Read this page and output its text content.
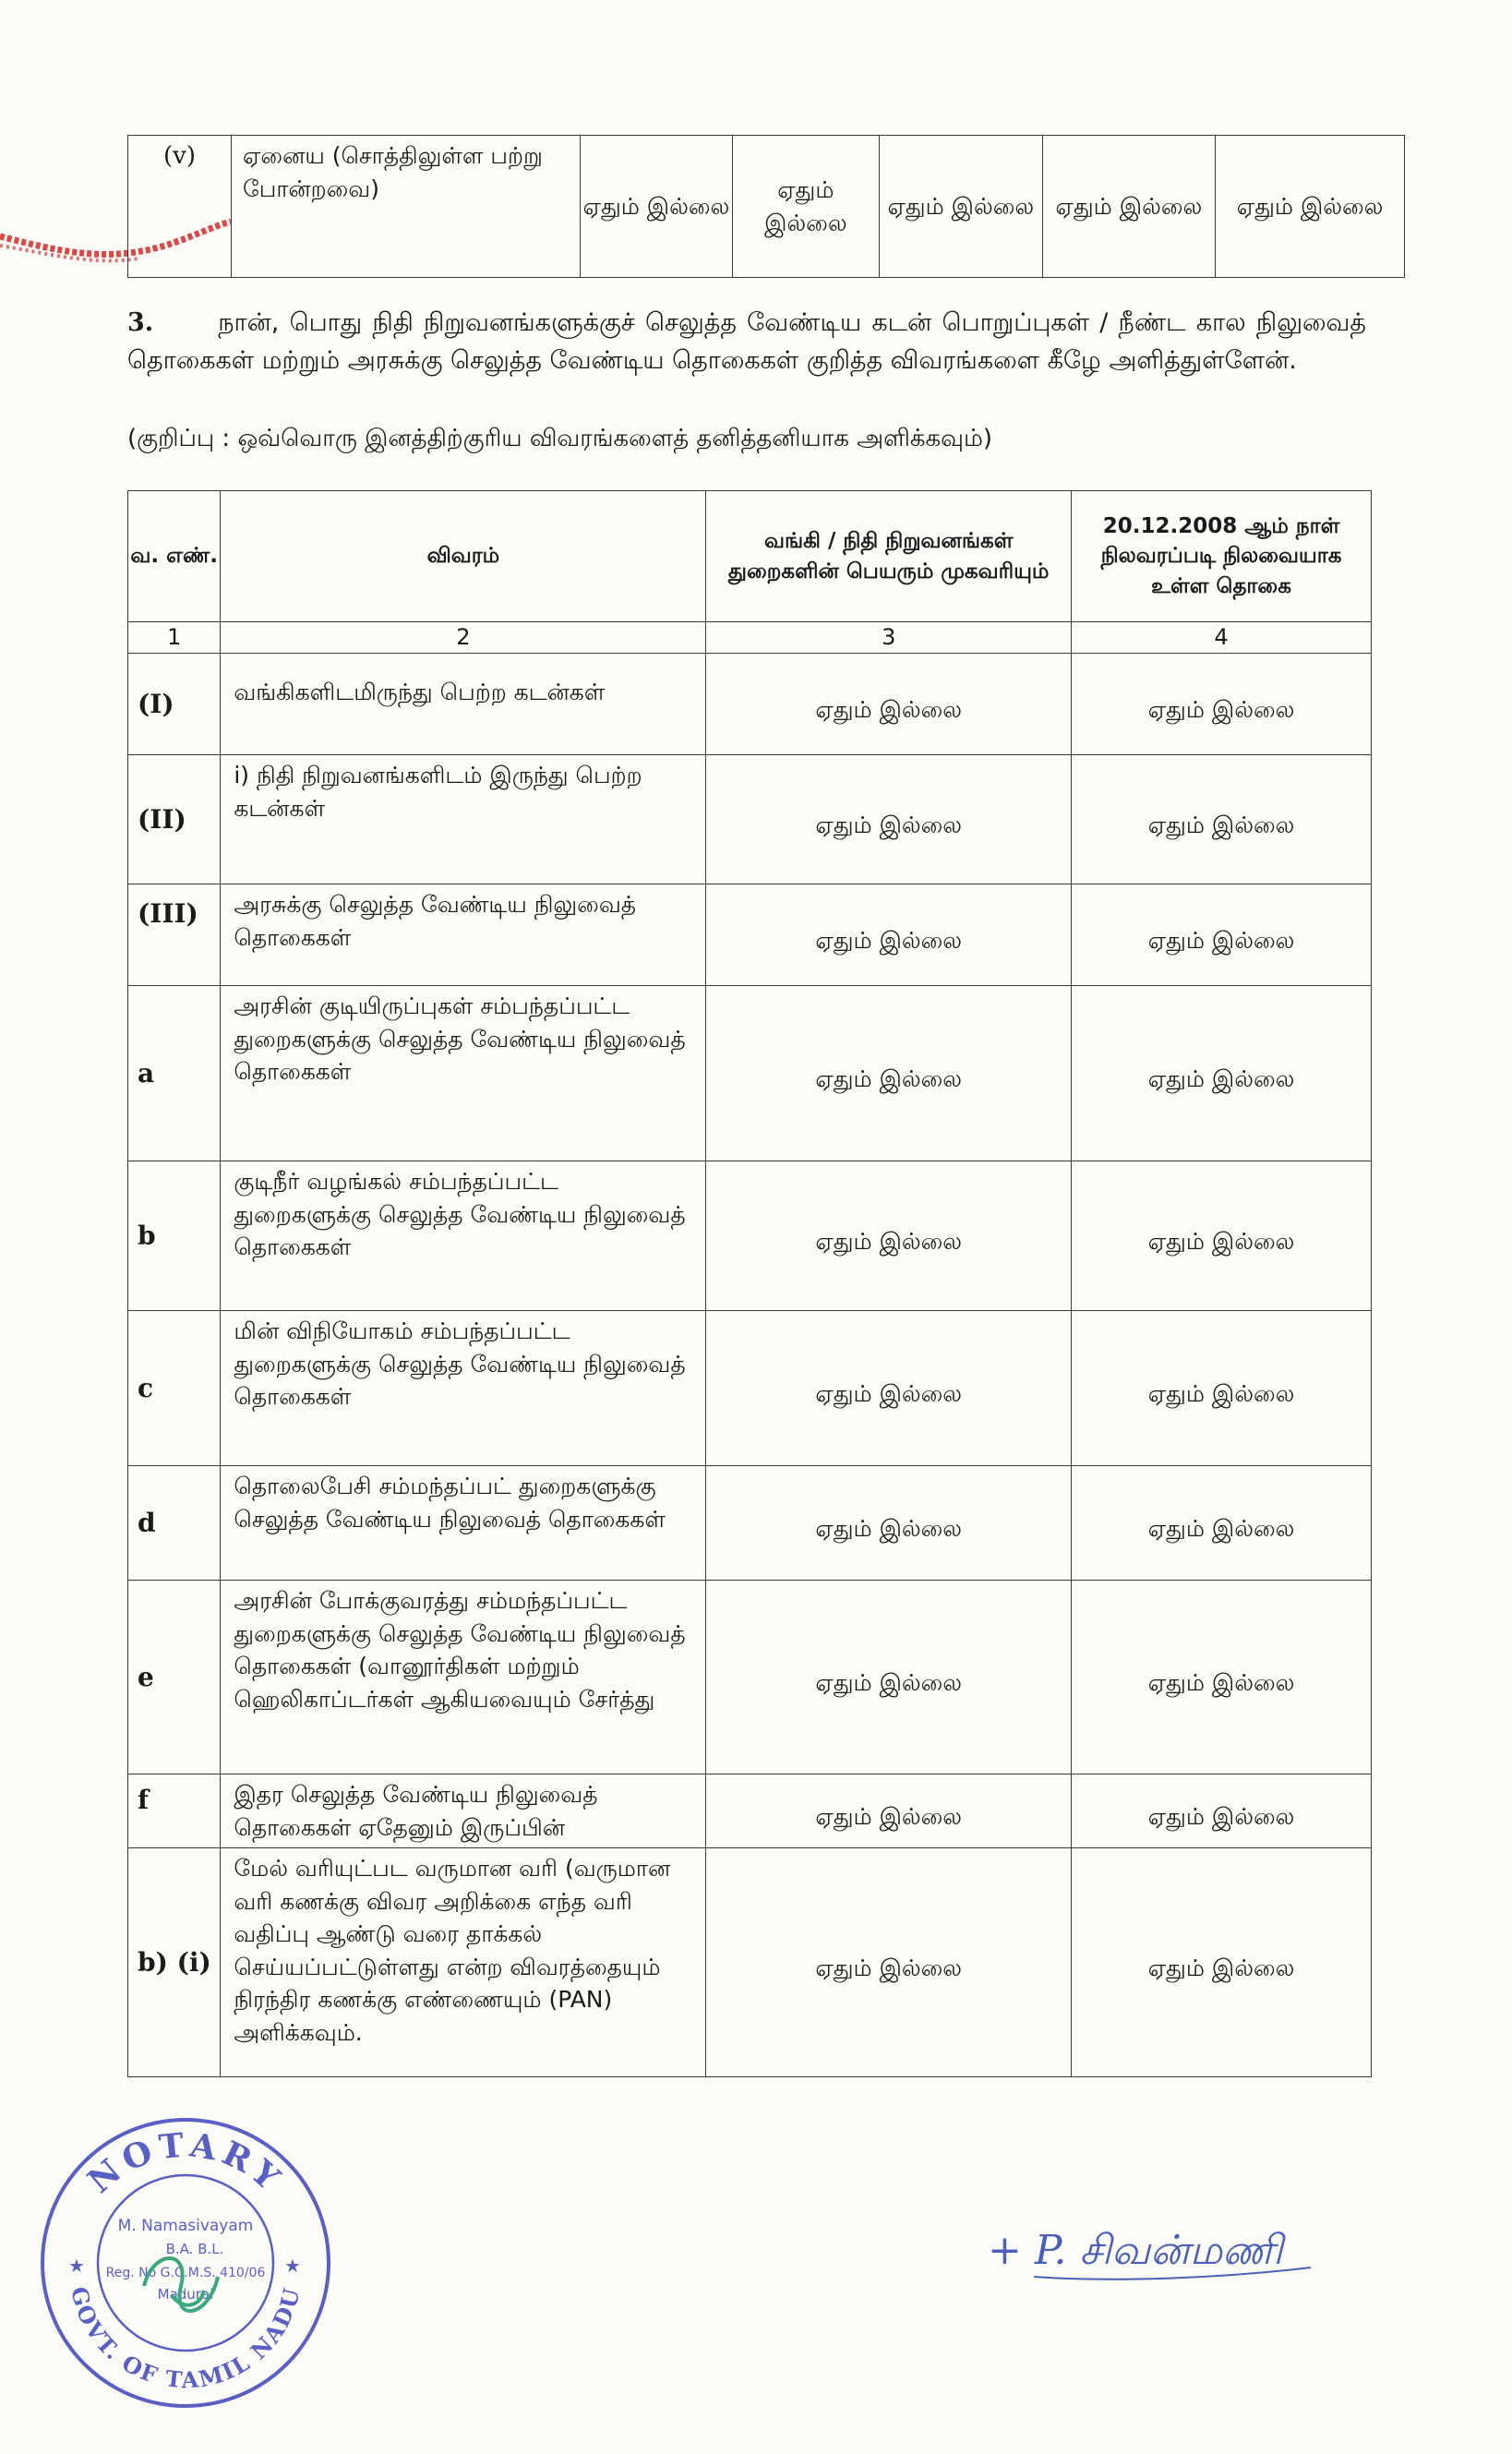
(v)	ஏனைய (சொத்திலுள்ள பற்று போன்றவை)	ஏதும் இல்லை	ஏதும் இல்லை	ஏதும் இல்லை	ஏதும் இல்லை	ஏதும் இல்லை
3.	நான், பொது நிதி நிறுவனங்களுக்குச் செலுத்த வேண்டிய கடன் பொறுப்புகள் / நீண்ட கால நிலுவைத் தொகைகள் மற்றும் அரசுக்கு செலுத்த வேண்டிய தொகைகள் குறித்த விவரங்களை கீழே அளித்துள்ளேன்.
(குறிப்பு : ஒவ்வொரு இனத்திற்குரிய விவரங்களைத் தனித்தனியாக அளிக்கவும்)
வ. எண்.	விவரம்	வங்கி / நிதி நிறுவனங்கள் துறைகளின் பெயரும் முகவரியும்	20.12.2008 ஆம் நாள் நிலவரப்படி நிலவையாக உள்ள தொகை
1	2	3	4
(I)	வங்கிகளிடமிருந்து பெற்ற கடன்கள்	ஏதும் இல்லை	ஏதும் இல்லை
(II)	i) நிதி நிறுவனங்களிடம் இருந்து பெற்ற கடன்கள்	ஏதும் இல்லை	ஏதும் இல்லை
(III)	அரசுக்கு செலுத்த வேண்டிய நிலுவைத் தொகைகள்	ஏதும் இல்லை	ஏதும் இல்லை
a	அரசின் குடியிருப்புகள் சம்பந்தப்பட்ட துறைகளுக்கு செலுத்த வேண்டிய நிலுவைத் தொகைகள்	ஏதும் இல்லை	ஏதும் இல்லை
b	குடிநீர் வழங்கல் சம்பந்தப்பட்ட துறைகளுக்கு செலுத்த வேண்டிய நிலுவைத் தொகைகள்	ஏதும் இல்லை	ஏதும் இல்லை
c	மின் விநியோகம் சம்பந்தப்பட்ட துறைகளுக்கு செலுத்த வேண்டிய நிலுவைத் தொகைகள்	ஏதும் இல்லை	ஏதும் இல்லை
d	தொலைபேசி சம்மந்தப்பட் துறைகளுக்கு செலுத்த வேண்டிய நிலுவைத் தொகைகள்	ஏதும் இல்லை	ஏதும் இல்லை
e	அரசின் போக்குவரத்து சம்மந்தப்பட்ட துறைகளுக்கு செலுத்த வேண்டிய நிலுவைத் தொகைகள் (வானூர்திகள் மற்றும் ஹெலிகாப்டர்கள் ஆகியவையும் சேர்த்து	ஏதும் இல்லை	ஏதும் இல்லை
f	இதர செலுத்த வேண்டிய நிலுவைத் தொகைகள் ஏதேனும் இருப்பின்	ஏதும் இல்லை	ஏதும் இல்லை
b) (i)	மேல் வரியுட்பட வருமான வரி (வருமான வரி கணக்கு விவர அறிக்கை எந்த வரி வதிப்பு ஆண்டு வரை தாக்கல் செய்யப்பட்டுள்ளது என்ற விவரத்தையும் நிரந்திர கணக்கு எண்ணையும் (PAN) அளிக்கவும்.	ஏதும் இல்லை	ஏதும் இல்லை
NOTARY
GOVT. OF TAMIL NADU
M. Namasivayam
B.A. B.L.
Reg. No G.O.M.S. 410/06
Madurai
★	★	+ P. சிவன்மணி
